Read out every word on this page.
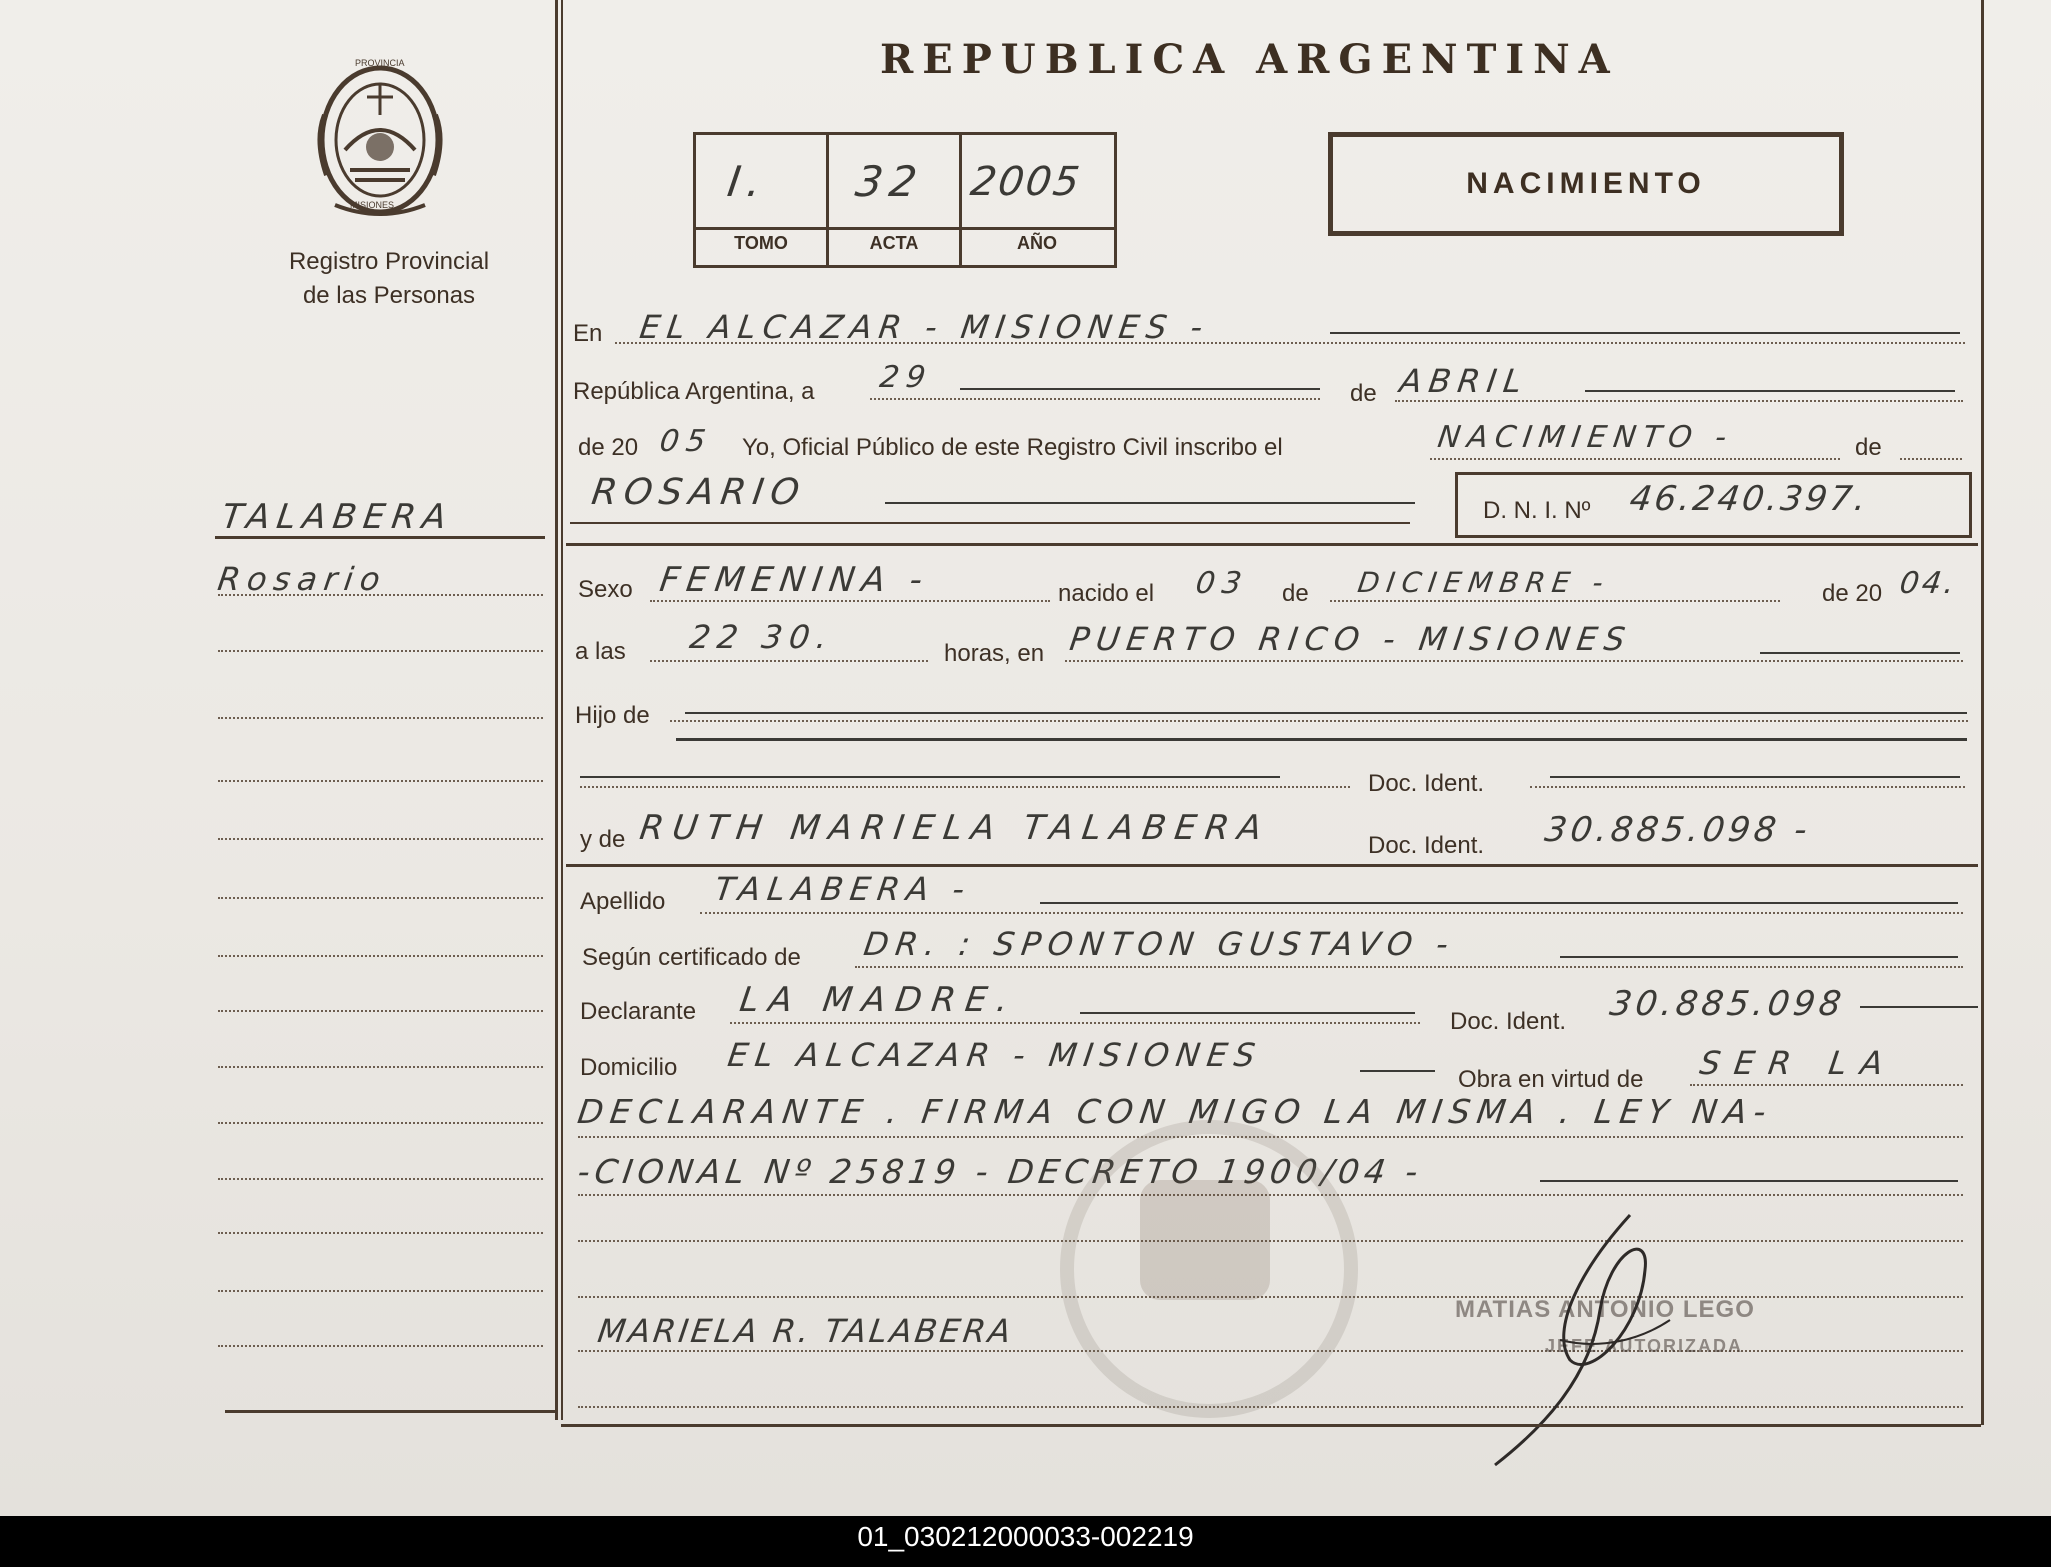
PROVINCIA
MISIONES
Registro Provincial
de las Personas
TALABERA
Rosario
REPUBLICA ARGENTINA
I. 32 2005
TOMO	ACTA	AÑO
NACIMIENTO
En EL ALCAZAR - MISIONES -
República Argentina, a 29	de ABRIL
de 20 05 Yo, Oficial Público de este Registro Civil inscribo el	NACIMIENTO -	de
ROSARIO	D. N. I. Nº 46.240.397.
Sexo FEMENINA -	nacido el 03 de DICIEMBRE -	de 20 04.
a las 22 30.	horas, en PUERTO RICO - MISIONES
Hijo de
Doc. Ident.
y de RUTH MARIELA TALABERA	Doc. Ident. 30.885.098 -
Apellido TALABERA -
Según certificado de DR. : SPONTON GUSTAVO -
Declarante LA MADRE.
Doc. Ident. 30.885.098
Domicilio EL ALCAZAR - MISIONES
Obra en virtud de SER LA
DECLARANTE . FIRMA CON MIGO LA MISMA . LEY NA-
-CIONAL Nº 25819 - DECRETO 1900/04 -
MARIELA R. TALABERA
MATIAS ANTONIO LEGO
JEFE AUTORIZADA
01_030212000033-002219
